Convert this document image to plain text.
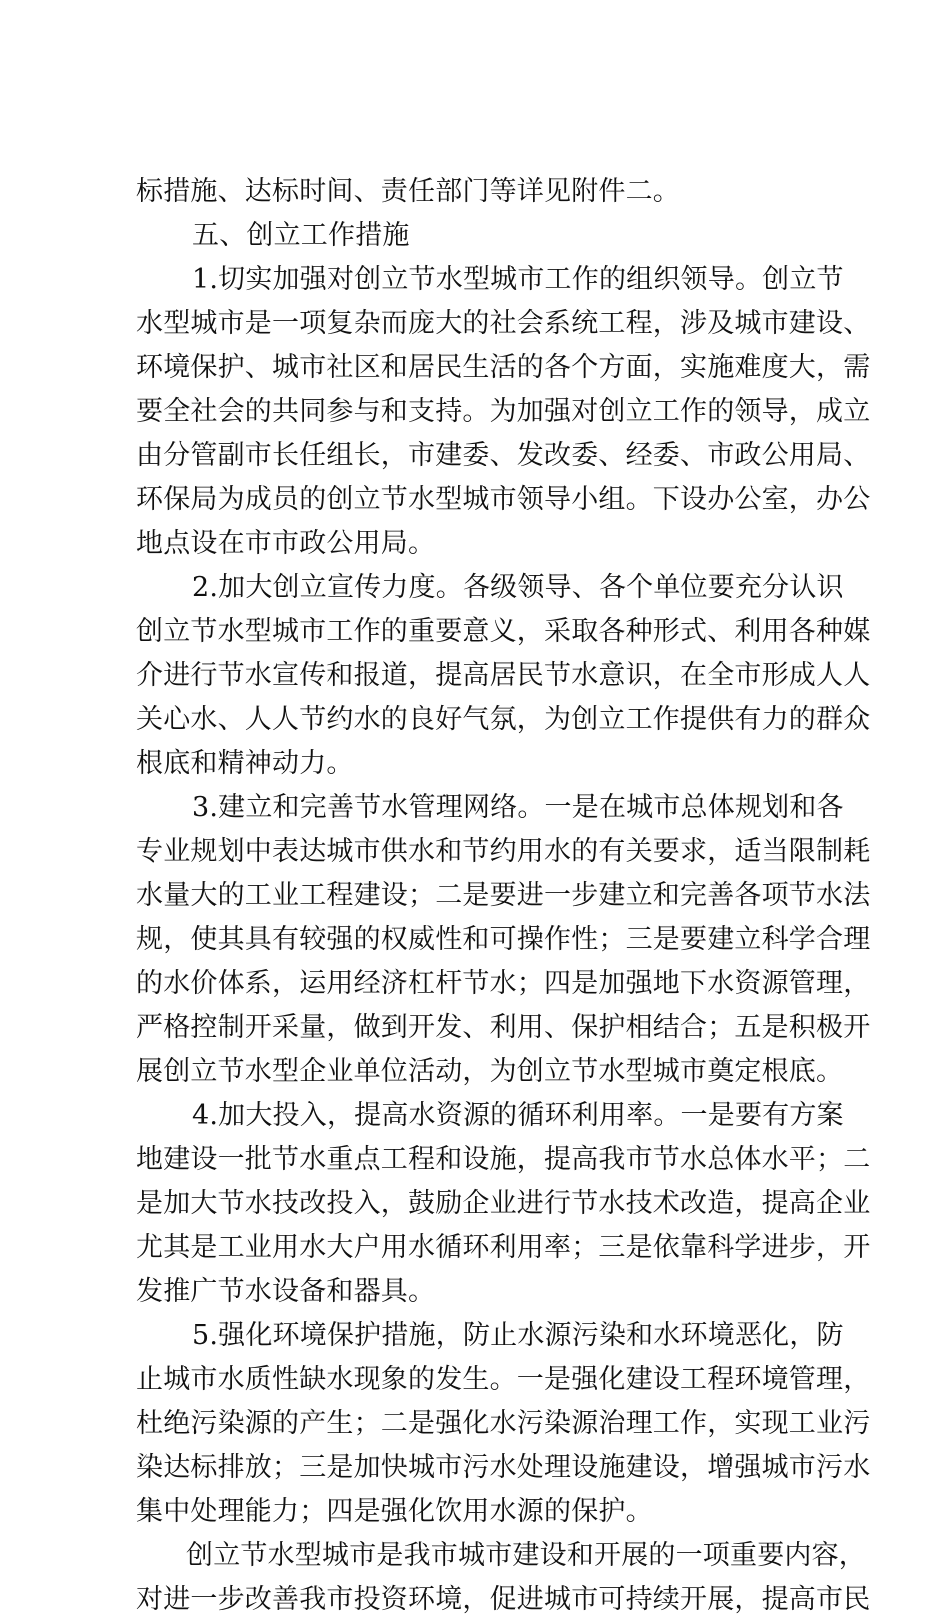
标措施、达标时间、责任部门等详见附件二。
五、创立工作措施
1.切实加强对创立节水型城市工作的组织领导。创立节
水型城市是一项复杂而庞大的社会系统工程，涉及城市建设、
环境保护、城市社区和居民生活的各个方面，实施难度大，需
要全社会的共同参与和支持。为加强对创立工作的领导，成立
由分管副市长任组长，市建委、发改委、经委、市政公用局、
环保局为成员的创立节水型城市领导小组。下设办公室，办公
地点设在市市政公用局。
2.加大创立宣传力度。各级领导、各个单位要充分认识
创立节水型城市工作的重要意义，采取各种形式、利用各种媒
介进行节水宣传和报道，提高居民节水意识，在全市形成人人
关心水、人人节约水的良好气氛，为创立工作提供有力的群众
根底和精神动力。
3.建立和完善节水管理网络。一是在城市总体规划和各
专业规划中表达城市供水和节约用水的有关要求，适当限制耗
水量大的工业工程建设；二是要进一步建立和完善各项节水法
规，使其具有较强的权威性和可操作性；三是要建立科学合理
的水价体系，运用经济杠杆节水；四是加强地下水资源管理，
严格控制开采量，做到开发、利用、保护相结合；五是积极开
展创立节水型企业单位活动，为创立节水型城市奠定根底。
4.加大投入，提高水资源的循环利用率。一是要有方案
地建设一批节水重点工程和设施，提高我市节水总体水平；二
是加大节水技改投入，鼓励企业进行节水技术改造，提高企业
尤其是工业用水大户用水循环利用率；三是依靠科学进步，开
发推广节水设备和器具。
5.强化环境保护措施，防止水源污染和水环境恶化，防
止城市水质性缺水现象的发生。一是强化建设工程环境管理，
杜绝污染源的产生；二是强化水污染源治理工作，实现工业污
染达标排放；三是加快城市污水处理设施建设，增强城市污水
集中处理能力；四是强化饮用水源的保护。
创立节水型城市是我市城市建设和开展的一项重要内容，
对进一步改善我市投资环境，促进城市可持续开展，提高市民
